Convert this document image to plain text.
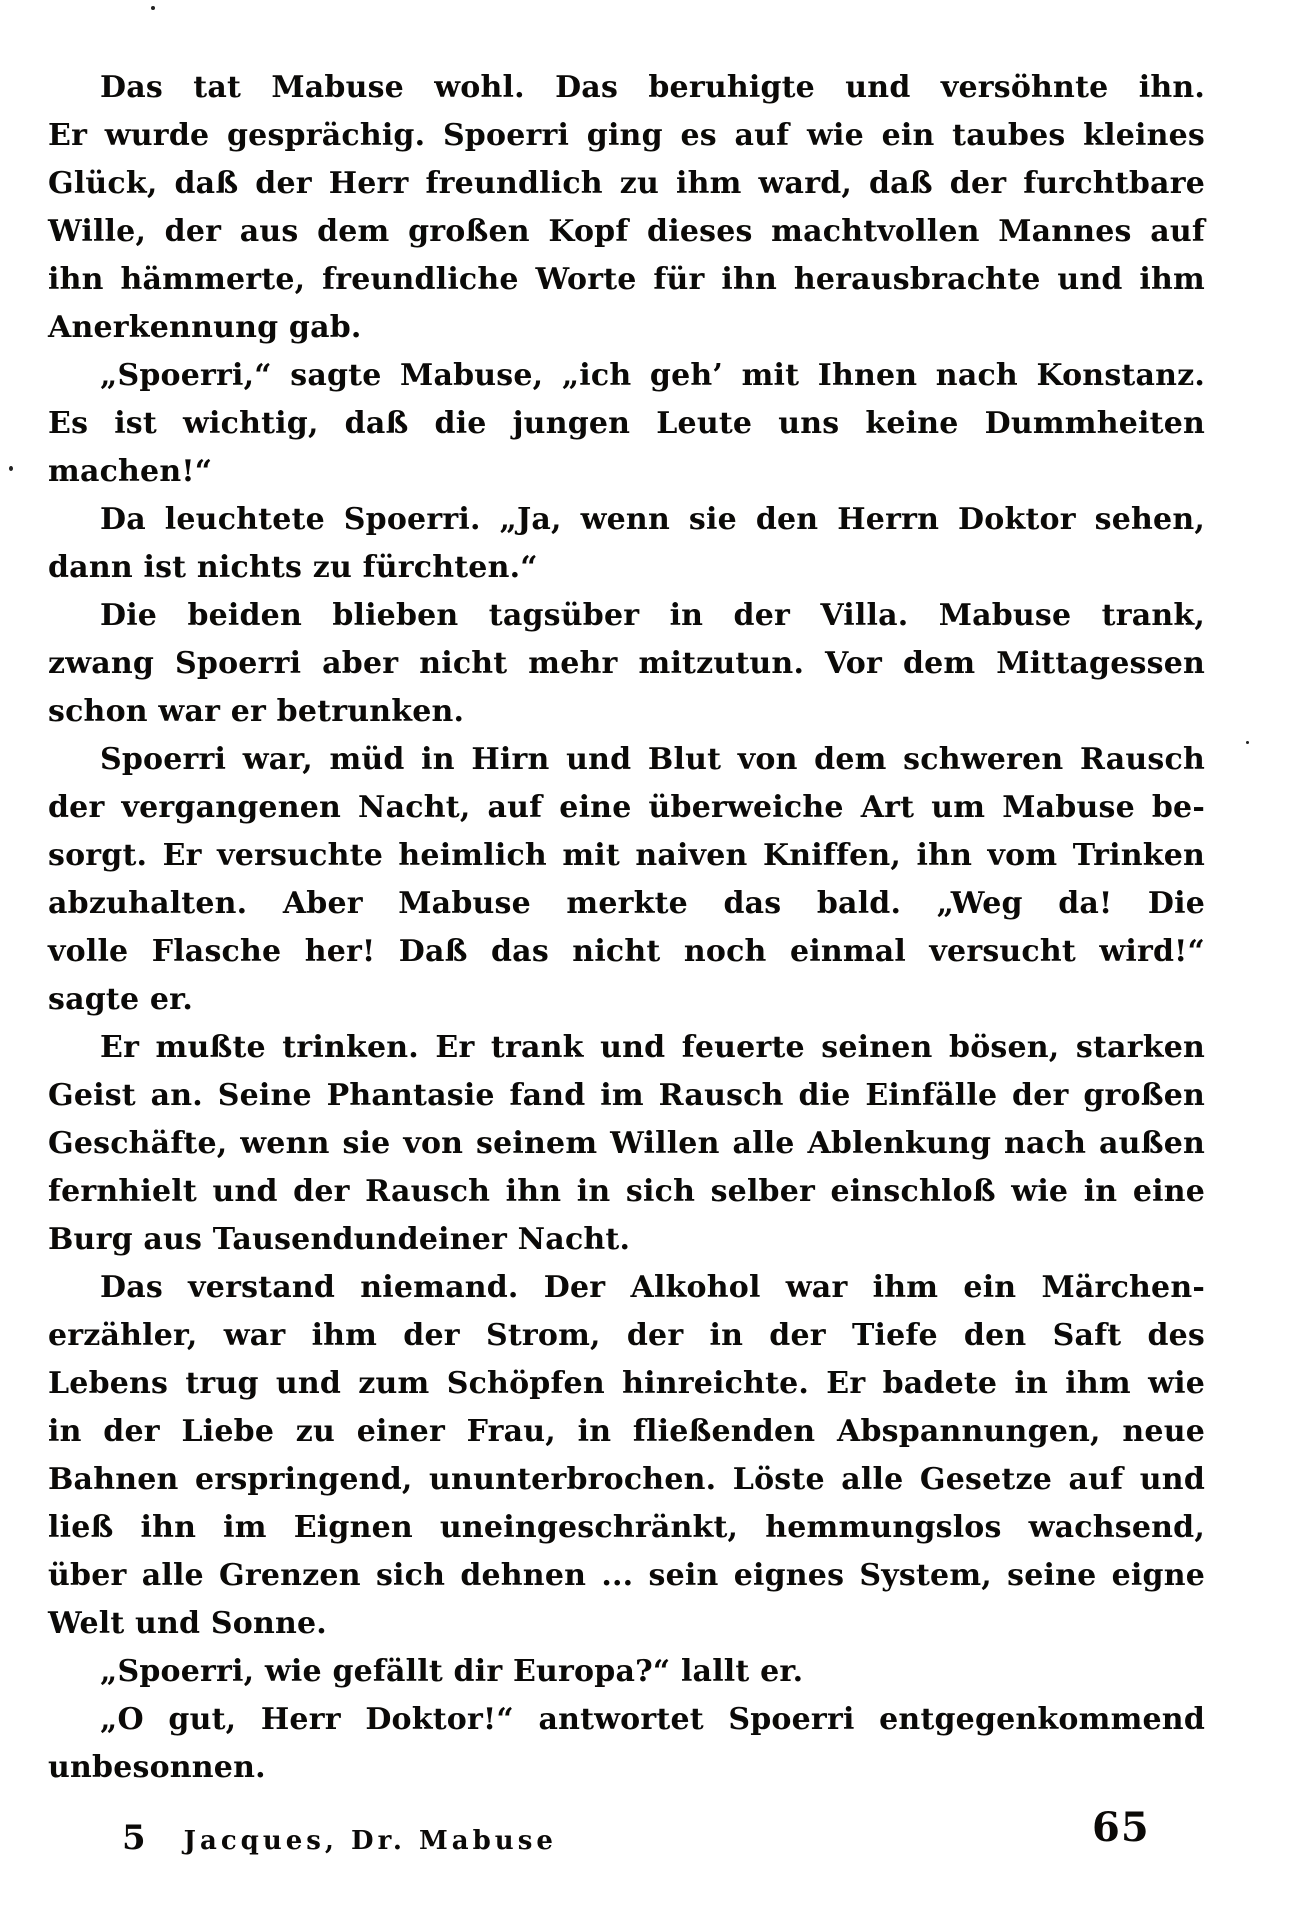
Das tat Mabuse wohl. Das beruhigte und versöhnte ihn.
Er wurde gesprächig. Spoerri ging es auf wie ein taubes kleines
Glück, daß der Herr freundlich zu ihm ward, daß der furchtbare
Wille, der aus dem großen Kopf dieses machtvollen Mannes auf
ihn hämmerte, freundliche Worte für ihn herausbrachte und ihm
Anerkennung gab.

„Spoerri,“ sagte Mabuse, „ich geh’ mit Ihnen nach Konstanz.
Es ist wichtig, daß die jungen Leute uns keine Dummheiten machen!“

Da leuchtete Spoerri. „Ja, wenn sie den Herrn Doktor sehen,
dann ist nichts zu fürchten.“

Die beiden blieben tagsüber in der Villa. Mabuse trank,
zwang Spoerri aber nicht mehr mitzutun. Vor dem Mittagessen
schon war er betrunken.

Spoerri war, müd in Hirn und Blut von dem schweren Rausch
der vergangenen Nacht, auf eine überweiche Art um Mabuse be-
sorgt. Er versuchte heimlich mit naiven Kniffen, ihn vom Trinken
abzuhalten. Aber Mabuse merkte das bald. „Weg da! Die
volle Flasche her! Daß das nicht noch einmal versucht wird!“
sagte er.

Er mußte trinken. Er trank und feuerte seinen bösen, starken
Geist an. Seine Phantasie fand im Rausch die Einfälle der großen
Geschäfte, wenn sie von seinem Willen alle Ablenkung nach außen
fernhielt und der Rausch ihn in sich selber einschloß wie in eine
Burg aus Tausendundeiner Nacht.

Das verstand niemand. Der Alkohol war ihm ein Märchen-
erzähler, war ihm der Strom, der in der Tiefe den Saft des
Lebens trug und zum Schöpfen hinreichte. Er badete in ihm wie
in der Liebe zu einer Frau, in fließenden Abspannungen, neue
Bahnen erspringend, ununterbrochen. Löste alle Gesetze auf und
ließ ihn im Eignen uneingeschränkt, hemmungslos wachsend,
über alle Grenzen sich dehnen ... sein eignes System, seine eigne
Welt und Sonne.

„Spoerri, wie gefällt dir Europa?“ lallt er.

„O gut, Herr Doktor!“ antwortet Spoerri entgegenkommend
unbesonnen.

5 Jacques, Dr. Mabuse	65
